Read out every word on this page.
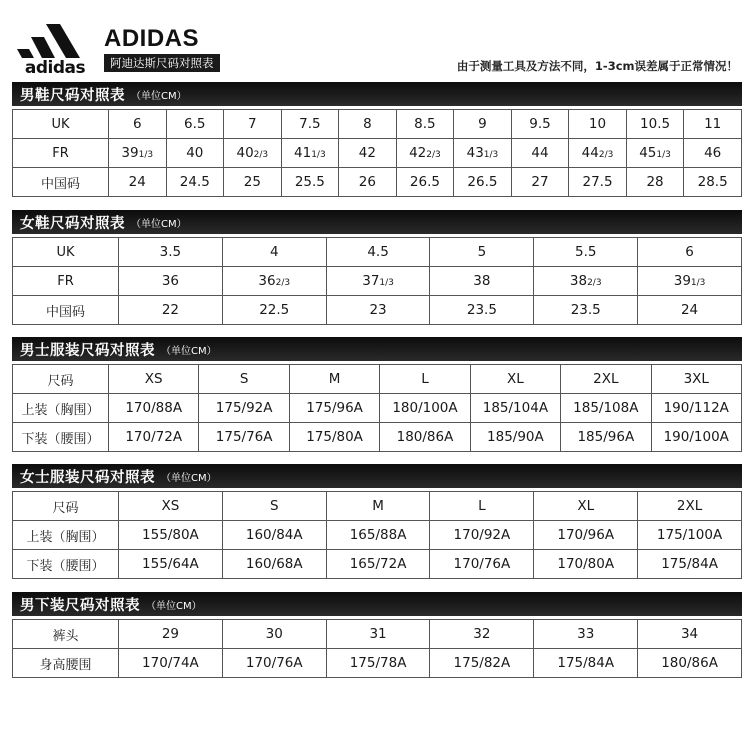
adidas
ADIDAS
阿迪达斯尺码对照表	由于测量工具及方法不同，1-3cm误差属于正常情况！
男鞋尺码对照表 （单位CM）
UK	6	6.5	7	7.5	8	8.5	9	9.5	10	10.5	11
FR	391/3	40	402/3	411/3	42	422/3	431/3	44	442/3	451/3	46
中国码	24	24.5	25	25.5	26	26.5	26.5	27	27.5	28	28.5
女鞋尺码对照表 （单位CM）
UK	3.5	4	4.5	5	5.5	6
FR	36	362/3	371/3	38	382/3	391/3
中国码	22	22.5	23	23.5	23.5	24
男士服装尺码对照表 （单位CM）
尺码	XS	S	M	L	XL	2XL	3XL
上装（胸围）	170/88A	175/92A	175/96A	180/100A	185/104A	185/108A	190/112A
下装（腰围）	170/72A	175/76A	175/80A	180/86A	185/90A	185/96A	190/100A
女士服装尺码对照表 （单位CM）
尺码	XS	S	M	L	XL	2XL
上装（胸围）	155/80A	160/84A	165/88A	170/92A	170/96A	175/100A
下装（腰围）	155/64A	160/68A	165/72A	170/76A	170/80A	175/84A
男下装尺码对照表 （单位CM）
裤头	29	30	31	32	33	34
身高腰围	170/74A	170/76A	175/78A	175/82A	175/84A	180/86A
